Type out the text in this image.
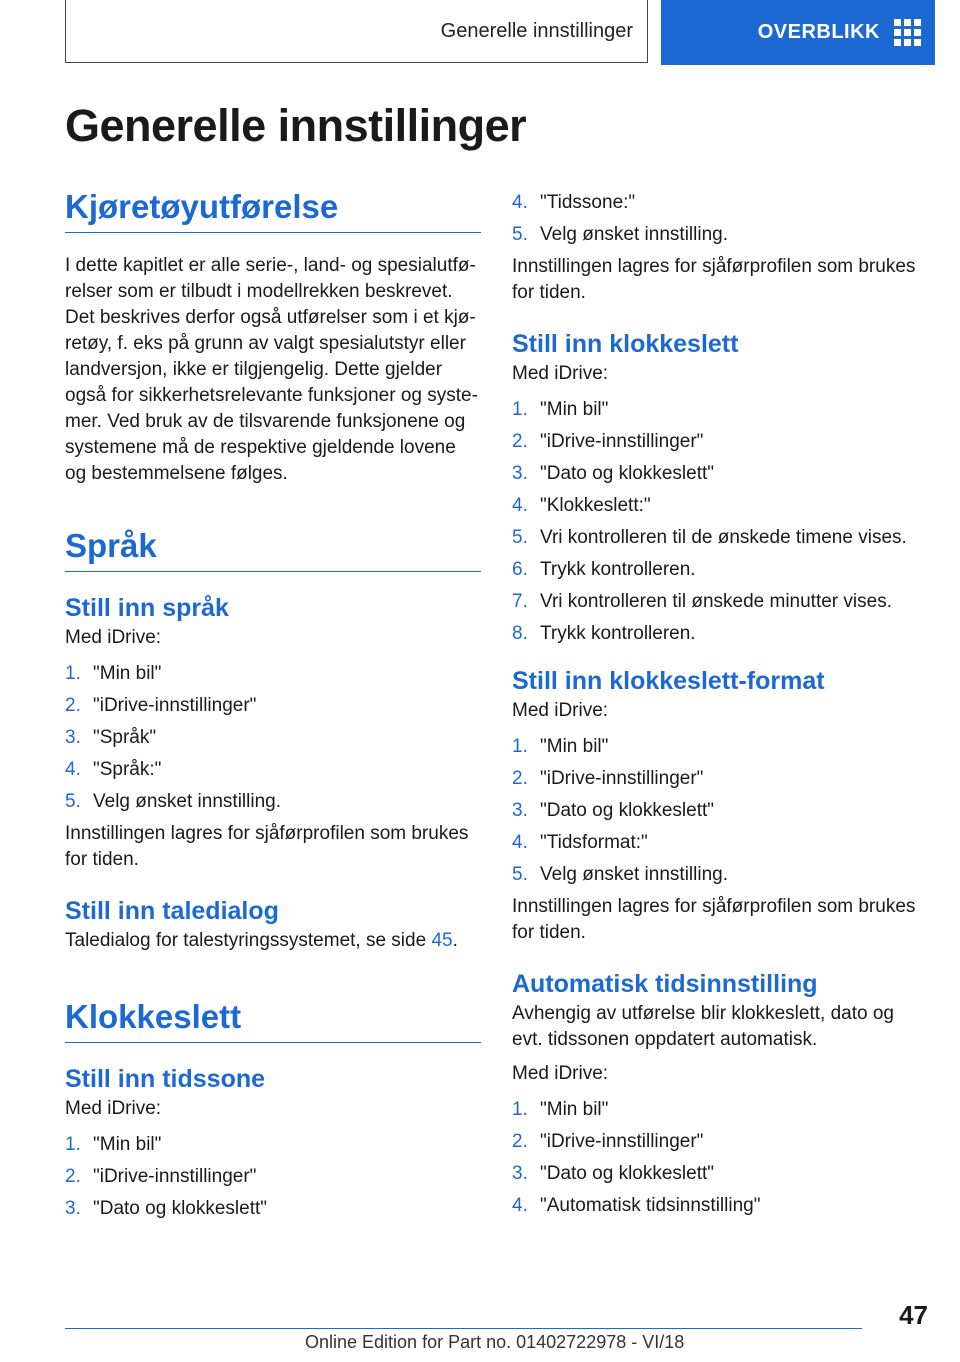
Generelle innstillinger	OVERBLIKK
Generelle innstillinger
Kjøretøyutførelse

I dette kapitlet er alle serie-, land- og spesialutførelser som er tilbudt i modellrekken beskrevet. Det beskrives derfor også utførelser som i et kjøretøy, f. eks på grunn av valgt spesialutstyr eller landversjon, ikke er tilgjengelig. Dette gjelder også for sikkerhetsrelevante funksjoner og systemer. Ved bruk av de tilsvarende funksjonene og systemene må de respektive gjeldende lovene og bestemmelsene følges.

Språk
Still inn språk

Med iDrive:

1. "Min bil"
2. "iDrive-innstillinger"
3. "Språk"
4. "Språk:"
5. Velg ønsket innstilling.

Innstillingen lagres for sjåførprofilen som brukes for tiden.

Still inn taledialog

Taledialog for talestyringssystemet, se side 45.

Klokkeslett
Still inn tidssone

Med iDrive:

1. "Min bil"
2. "iDrive-innstillinger"
3. "Dato og klokkeslett"
4. "Tidssone:"
5. Velg ønsket innstilling.

Innstillingen lagres for sjåførprofilen som brukes for tiden.

Still inn klokkeslett

Med iDrive:

1. "Min bil"
2. "iDrive-innstillinger"
3. "Dato og klokkeslett"
4. "Klokkeslett:"
5. Vri kontrolleren til de ønskede timene vises.
6. Trykk kontrolleren.
7. Vri kontrolleren til ønskede minutter vises.
8. Trykk kontrolleren.
Still inn klokkeslett-format

Med iDrive:

1. "Min bil"
2. "iDrive-innstillinger"
3. "Dato og klokkeslett"
4. "Tidsformat:"
5. Velg ønsket innstilling.

Innstillingen lagres for sjåførprofilen som brukes for tiden.

Automatisk tidsinnstilling

Avhengig av utførelse blir klokkeslett, dato og evt. tidssonen oppdatert automatisk.

Med iDrive:

1. "Min bil"
2. "iDrive-innstillinger"
3. "Dato og klokkeslett"
4. "Automatisk tidsinnstilling"
47
Online Edition for Part no. 01402722978 - VI/18
